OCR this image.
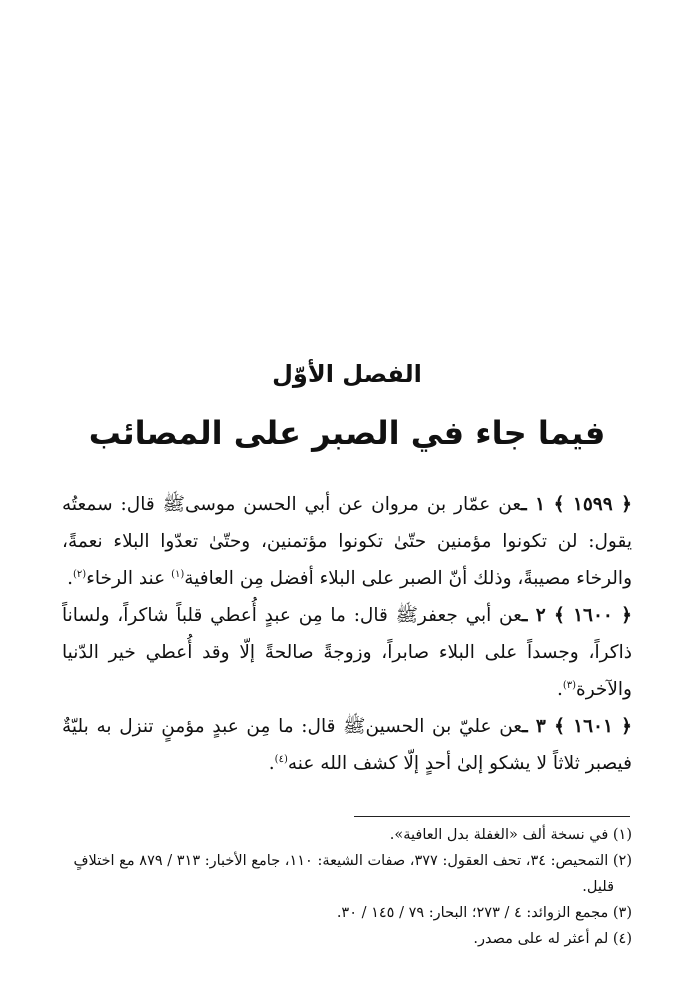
الفصل الأوّل
فيما جاء في الصبر على المصائب

﴿ ١٥٩٩ ﴾ ١ ـعن عمّار بن مروان عن أبي الحسن موسىﷺ قال: سمعتُه يقول: لن تكونوا مؤمنين حتّىٰ تكونوا مؤتمنين، وحتّىٰ تعدّوا البلاء نعمةً، والرخاء مصيبةً، وذلك أنّ الصبر على البلاء أفضل مِن العافية$^{(١)}$ عند الرخاء$^{(٢)}$.

﴿ ١٦٠٠ ﴾ ٢ ـعن أبي جعفرﷺ قال: ما مِن عبدٍ أُعطي قلباً شاكراً، ولساناً ذاكراً، وجسداً على البلاء صابراً، وزوجةً صالحةً إلّا وقد أُعطي خير الدّنيا والآخرة$^{(٣)}$.

﴿ ١٦٠١ ﴾ ٣ ـعن عليّ بن الحسينﷺ قال: ما مِن عبدٍ مؤمنٍ تنزل به بليّةٌ فيصبر ثلاثاً لا يشكو إلىٰ أحدٍ إلّا كشف الله عنه$^{(٤)}$.

(١) في نسخة ألف «الغفلة بدل العافية».

(٢) التمحيص: ٣٤، تحف العقول: ٣٧٧، صفات الشيعة: ١١٠، جامع الأخبار: ٣١٣ / ٨٧٩ مع اختلافٍ

قليل.

(٣) مجمع الزوائد: ٤ / ٢٧٣؛ البحار: ٧٩ / ١٤٥ / ٣٠.

(٤) لم أعثر له على مصدر.
